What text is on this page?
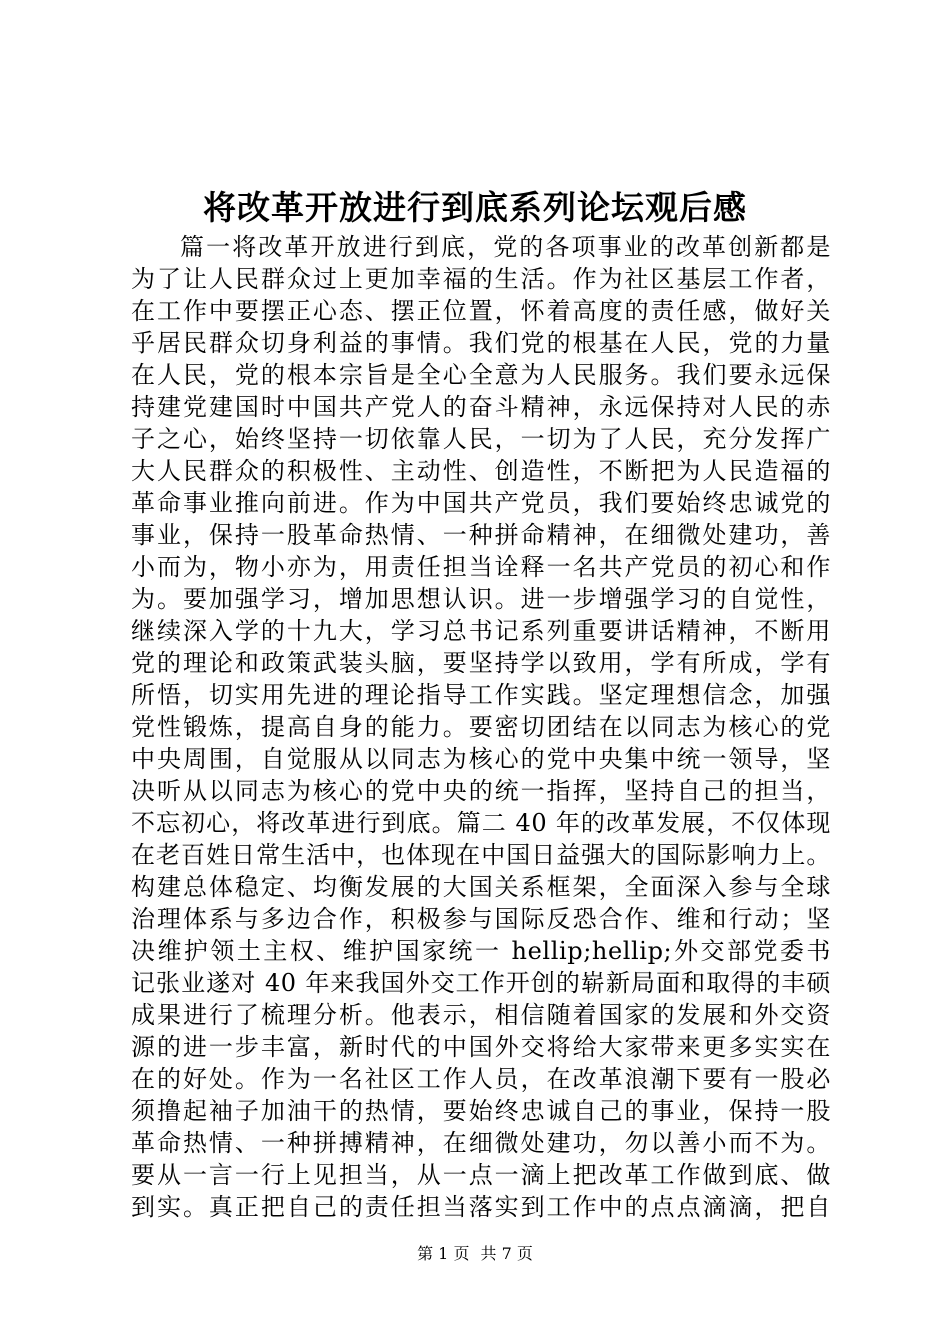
将改革开放进行到底系列论坛观后感
篇一将改革开放进行到底，党的各项事业的改革创新都是
为了让人民群众过上更加幸福的生活。作为社区基层工作者，
在工作中要摆正心态、摆正位置，怀着高度的责任感，做好关
乎居民群众切身利益的事情。我们党的根基在人民，党的力量
在人民，党的根本宗旨是全心全意为人民服务。我们要永远保
持建党建国时中国共产党人的奋斗精神，永远保持对人民的赤
子之心，始终坚持一切依靠人民，一切为了人民，充分发挥广
大人民群众的积极性、主动性、创造性，不断把为人民造福的
革命事业推向前进。作为中国共产党员，我们要始终忠诚党的
事业，保持一股革命热情、一种拼命精神，在细微处建功，善
小而为，物小亦为，用责任担当诠释一名共产党员的初心和作
为。要加强学习，增加思想认识。进一步增强学习的自觉性，
继续深入学的十九大，学习总书记系列重要讲话精神，不断用
党的理论和政策武装头脑，要坚持学以致用，学有所成，学有
所悟，切实用先进的理论指导工作实践。坚定理想信念，加强
党性锻炼，提高自身的能力。要密切团结在以同志为核心的党
中央周围，自觉服从以同志为核心的党中央集中统一领导，坚
决听从以同志为核心的党中央的统一指挥，坚持自己的担当，
不忘初心，将改革进行到底。篇二 40 年的改革发展，不仅体现
在老百姓日常生活中，也体现在中国日益强大的国际影响力上。
构建总体稳定、均衡发展的大国关系框架，全面深入参与全球
治理体系与多边合作，积极参与国际反恐合作、维和行动；坚
决维护领土主权、维护国家统一 hellip;hellip;外交部党委书
记张业遂对 40 年来我国外交工作开创的崭新局面和取得的丰硕
成果进行了梳理分析。他表示，相信随着国家的发展和外交资
源的进一步丰富，新时代的中国外交将给大家带来更多实实在
在的好处。作为一名社区工作人员，在改革浪潮下要有一股必
须撸起袖子加油干的热情，要始终忠诚自己的事业，保持一股
革命热情、一种拼搏精神，在细微处建功，勿以善小而不为。
要从一言一行上见担当，从一点一滴上把改革工作做到底、做
到实。真正把自己的责任担当落实到工作中的点点滴滴，把自
第 1 页 共 7 页
